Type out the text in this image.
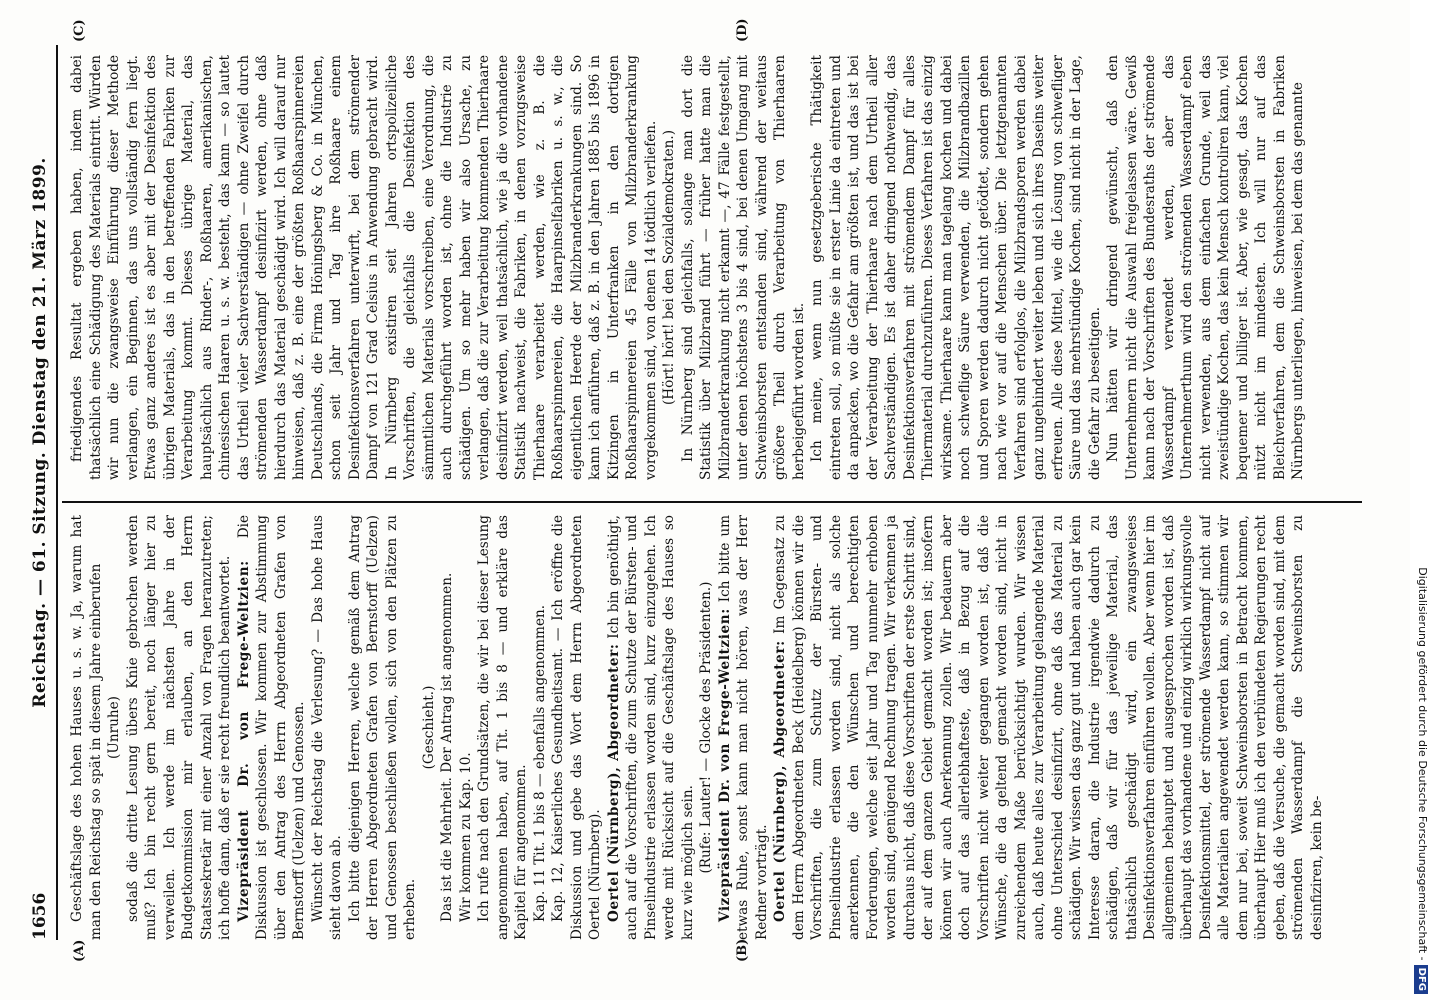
1656
Reichstag. — 61. Sitzung. Dienstag den 21. März 1899.
(A)	(B)
(C)	(D)

Geschäftslage des hohen Hauses u. s. w. Ja, warum hat man den Reichstag so spät in diesem Jahre einberufen (Unruhe) sodaß die dritte Lesung übers Knie gebrochen werden muß? Ich bin recht gern bereit, noch länger hier zu verweilen. Ich werde im nächsten Jahre in der Budgetkommission mir erlauben, an den Herrn Staatssekretär mit einer Anzahl von Fragen heranzutreten; ich hoffe dann, daß er sie recht freundlich beantwortet. Vizepräsident Dr. von Frege-Weltzien: Die Diskussion ist geschlossen. Wir kommen zur Abstimmung über den Antrag des Herrn Abgeordneten Grafen von Bernstorff (Uelzen) und Genossen. Wünscht der Reichstag die Verlesung? — Das hohe Haus sieht davon ab. Ich bitte diejenigen Herren, welche gemäß dem Antrag der Herren Abgeordneten Grafen von Bernstorff (Uelzen) und Genossen beschließen wollen, sich von den Plätzen zu erheben.

(Geschieht.) Das ist die Mehrheit. Der Antrag ist angenommen. Wir kommen zu Kap. 10. Ich rufe nach den Grundsätzen, die wir bei dieser Lesung angenommen haben, auf Tit. 1 bis 8 — und erkläre das Kapitel für angenommen. Kap. 11 Tit. 1 bis 8 — ebenfalls angenommen. Kap. 12, Kaiserliches Gesundheitsamt. — Ich eröffne die Diskussion und gebe das Wort dem Herrn Abgeordneten Oertel (Nürnberg). Oertel (Nürnberg), Abgeordneter: Ich bin genöthigt, auch auf die Vorschriften, die zum Schutze der Bürsten- und Pinselindustrie erlassen worden sind, kurz einzugehen. Ich werde mit Rücksicht auf die Geschäftslage des Hauses so kurz wie möglich sein. (Rufe: Lauter! — Glocke des Präsidenten.) Vizepräsident Dr. von Frege-Weltzien: Ich bitte um etwas Ruhe, sonst kann man nicht hören, was der Herr Redner vorträgt. Oertel (Nürnberg), Abgeordneter: Im Gegensatz zu dem Herrn Abgeordneten Beck (Heidelberg) können wir die Vorschriften, die zum Schutz der Bürsten- und Pinselindustrie erlassen worden sind, nicht als solche anerkennen, die den Wünschen und berechtigten Forderungen, welche seit Jahr und Tag nunmehr erhoben worden sind, genügend Rechnung tragen. Wir verkennen ja durchaus nicht, daß diese Vorschriften der erste Schritt sind, der auf dem ganzen Gebiet gemacht worden ist; insofern können wir auch Anerkennung zollen. Wir bedauern aber doch auf das allerlebhafteste, daß in Bezug auf die Vorschriften nicht weiter gegangen worden ist, daß die Wünsche, die da geltend gemacht worden sind, nicht in zureichendem Maße berücksichtigt wurden. Wir wissen auch, daß heute alles zur Verarbeitung gelangende Material ohne Unterschied desinfizirt, ohne daß das Material zu schädigen. Wir wissen das ganz gut und haben auch gar kein Interesse daran, die Industrie irgendwie dadurch zu schädigen, daß wir für das jeweilige Material, das thatsächlich geschädigt wird, ein zwangsweises Desinfektionsverfahren einführen wollen. Aber wenn hier im allgemeinen behauptet und ausgesprochen worden ist, daß überhaupt das vorhandene und einzig wirklich wirkungsvolle Desinfektionsmittel, der strömende Wasserdampf nicht auf alle Materialien angewendet werden kann, so stimmen wir dem nur bei, soweit Schweinsborsten in Betracht kommen, überhaupt Hier muß ich den verbündeten Regierungen recht geben, daß die Versuche, die gemacht worden sind, mit dem strömenden Wasserdampf die Schweinsborsten zu desinfiziren, kein be-

friedigendes Resultat ergeben haben, indem dabei thatsächlich eine Schädigung des Materials eintritt. Würden wir nun die zwangsweise Einführung dieser Methode verlangen, ein Beginnen, das uns vollständig fern liegt. Etwas ganz anderes ist es aber mit der Desinfektion des übrigen Materials, das in den betreffenden Fabriken zur Verarbeitung kommt. Dieses übrige Material, das hauptsächlich aus Rinder-, Roßhaaren, amerikanischen, chinesischen Haaren u. s. w. besteht, das kann — so lautet das Urtheil vieler Sachverständigen — ohne Zweifel durch strömenden Wasserdampf desinfizirt werden, ohne daß hierdurch das Material geschädigt wird. Ich will darauf nur hinweisen, daß z. B. eine der größten Roßhaarspinnereien Deutschlands, die Firma Höningsberg & Co. in München, schon seit Jahr und Tag ihre Roßhaare einem Desinfektionsverfahren unterwirft, bei dem strömender Dampf von 121 Grad Celsius in Anwendung gebracht wird. In Nürnberg existiren seit Jahren ortspolizeiliche Vorschriften, die gleichfalls die Desinfektion des sämmtlichen Materials vorschreiben, eine Verordnung, die auch durchgeführt worden ist, ohne die Industrie zu schädigen. Um so mehr haben wir also Ursache, zu verlangen, daß die zur Verarbeitung kommenden Thierhaare desinfizirt werden, weil thatsächlich, wie ja die vorhandene Statistik nachweist, die Fabriken, in denen vorzugsweise Thierhaare verarbeitet werden, wie z. B. die Roßhaarspinnereien, die Haarpinselfabriken u. s. w., die eigentlichen Heerde der Milzbranderkrankungen sind. So kann ich anführen, daß z. B. in den Jahren 1885 bis 1896 in Kitzingen in Unterfranken in den dortigen Roßhaarspinnereien 45 Fälle von Milzbranderkrankung vorgekommen sind, von denen 14 tödtlich verliefen. (Hört! hört! bei den Sozialdemokraten.) In Nürnberg sind gleichfalls, solange man dort die Statistik über Milzbrand führt — früher hatte man die Milzbranderkrankung nicht erkannt —, 47 Fälle festgestellt, unter denen höchstens 3 bis 4 sind, bei denen Umgang mit Schweinsborsten entstanden sind, während der weitaus größere Theil durch Verarbeitung von Thierhaaren herbeigeführt worden ist. Ich meine, wenn nun gesetzgeberische Thätigkeit eintreten soll, so müßte sie in erster Linie da eintreten und da anpacken, wo die Gefahr am größten ist, und das ist bei der Verarbeitung der Thierhaare nach dem Urtheil aller Sachverständigen. Es ist daher dringend nothwendig, das Desinfektionsverfahren mit strömendem Dampf für alles Thiermaterial durchzuführen. Dieses Verfahren ist das einzig wirksame. Thierhaare kann man tagelang kochen und dabei noch schweflige Säure verwenden, die Milzbrandbazillen und Sporen werden dadurch nicht getödtet, sondern gehen nach wie vor auf die Menschen über. Die letztgenannten Verfahren sind erfolglos, die Milzbrandsporen werden dabei ganz ungehindert weiter leben und sich ihres Daseins weiter erfreuen. Alle diese Mittel, wie die Lösung von schwefliger Säure und das mehrstündige Kochen, sind nicht in der Lage, die Gefahr zu beseitigen. Nun hätten wir dringend gewünscht, daß den Unternehmern nicht die Auswahl freigelassen wäre. Gewiß kann nach der Vorschriften des Bundesraths der strömende Wasserdampf verwendet werden, aber das Unternehmerthum wird den strömenden Wasserdampf eben nicht verwenden, aus dem einfachen Grunde, weil das zweistündige Kochen, das kein Mensch kontroliren kann, viel bequemer und billiger ist. Aber, wie gesagt, das Kochen nützt nicht im mindesten. Ich will nur auf das Bleichverfahren, dem die Schweinsborsten in Fabriken Nürnbergs unterliegen, hinweisen, bei dem das genannte

Digitalisierung gefördert durch die Deutsche Forschungsgemeinschaft -DFG
